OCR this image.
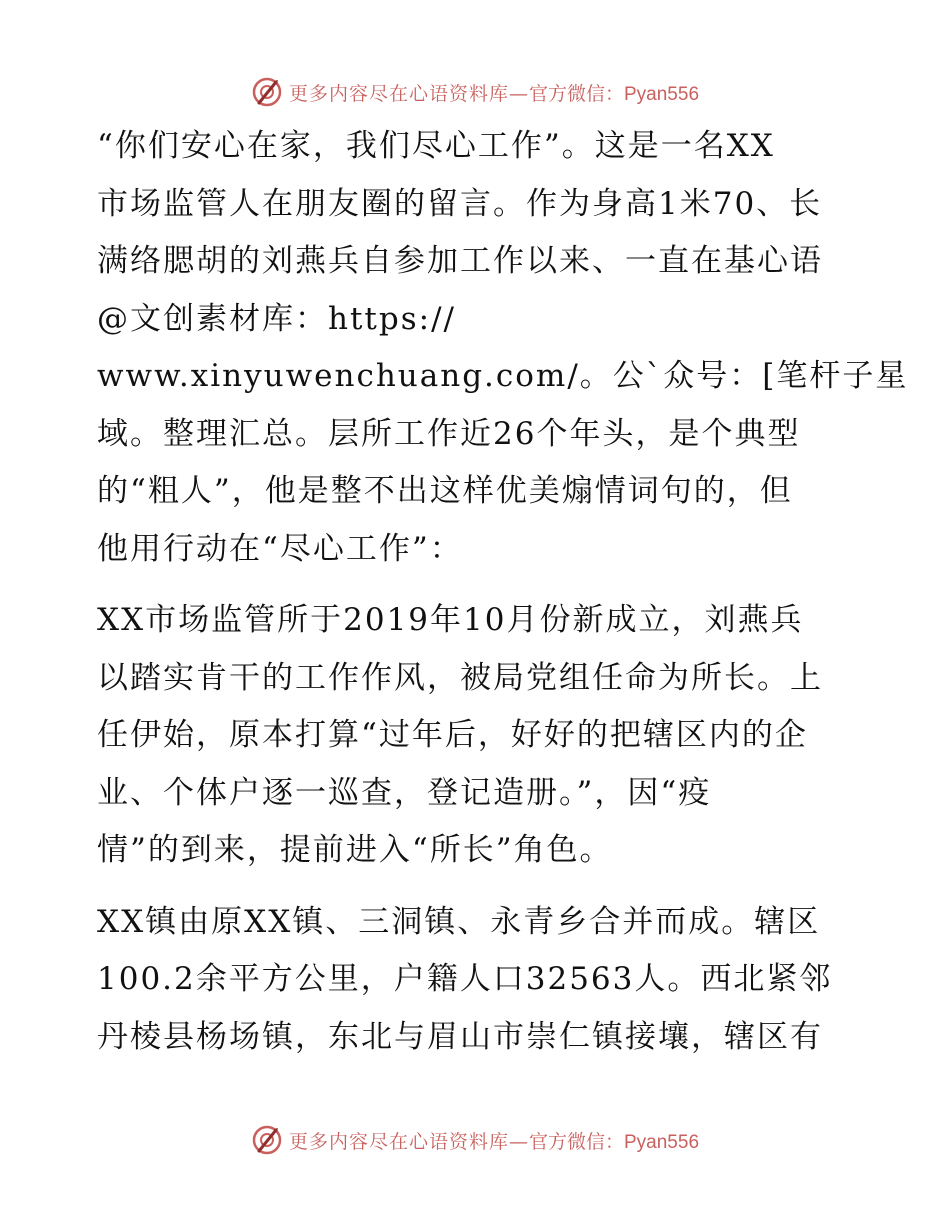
更多内容尽在心语资料库—官方微信：Pyan556
“你们安心在家，我们尽心工作”。这是一名XX
市场监管人在朋友圈的留言。作为身高1米70、长
满络腮胡的刘燕兵自参加工作以来、一直在基心语
@文创素材库：https://
www.xinyuwenchuang.com/。公`众号：[笔杆子星
域。整理汇总。层所工作近26个年头，是个典型
的“粗人”，他是整不出这样优美煽情词句的，但
他用行动在“尽心工作”：
XX市场监管所于2019年10月份新成立，刘燕兵
以踏实肯干的工作作风，被局党组任命为所长。上
任伊始，原本打算“过年后，好好的把辖区内的企
业、个体户逐一巡查，登记造册。”，因“疫
情”的到来，提前进入“所长”角色。
XX镇由原XX镇、三洞镇、永青乡合并而成。辖区
100.2余平方公里，户籍人口32563人。西北紧邻
丹棱县杨场镇，东北与眉山市崇仁镇接壤，辖区有
更多内容尽在心语资料库—官方微信：Pyan556
